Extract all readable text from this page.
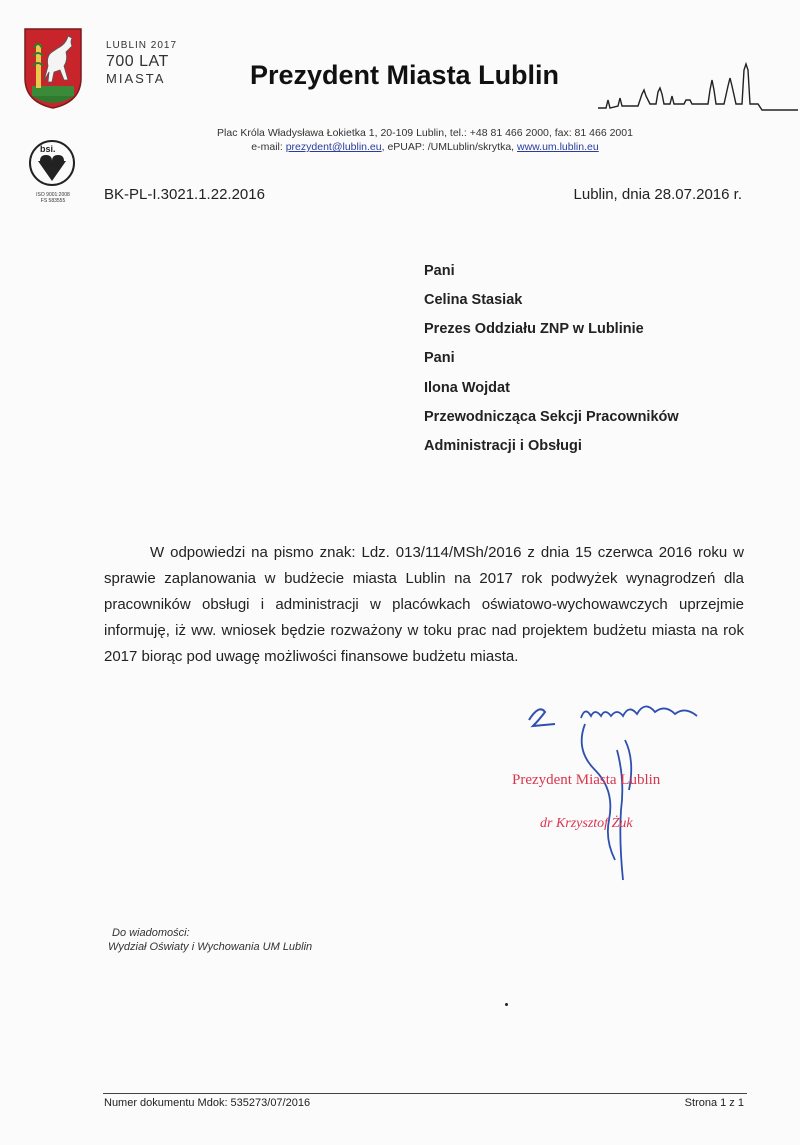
LUBLIN 2017
700 LAT
MIASTA	Prezydent Miasta Lublin
Plac Króla Władysława Łokietka 1, 20-109 Lublin, tel.: +48 81 466 2000, fax: 81 466 2001
e-mail: prezydent@lublin.eu, ePUAP: /UMLublin/skrytka, www.um.lublin.eu
bsi.
ISO 9001:2008
FS 583555	BK-PL-I.3021.1.22.2016	Lublin, dnia 28.07.2016 r.
Pani
Celina Stasiak
Prezes Oddziału ZNP w Lublinie
Pani
Ilona Wojdat
Przewodnicząca Sekcji Pracowników
Administracji i Obsługi

W odpowiedzi na pismo znak: Ldz. 013/114/MSh/2016 z dnia 15 czerwca 2016 roku w sprawie zaplanowania w budżecie miasta Lublin na 2017 rok podwyżek wynagrodzeń dla pracowników obsługi i administracji w placówkach oświatowo-wychowawczych uprzejmie informuję, iż ww. wniosek będzie rozważony w toku prac nad projektem budżetu miasta na rok 2017 biorąc pod uwagę możliwości finansowe budżetu miasta.

Prezydent Miasta Lublin
dr Krzysztof Żuk
Do wiadomości:
Wydział Oświaty i Wychowania UM Lublin
Numer dokumentu Mdok: 535273/07/2016	Strona 1 z 1
